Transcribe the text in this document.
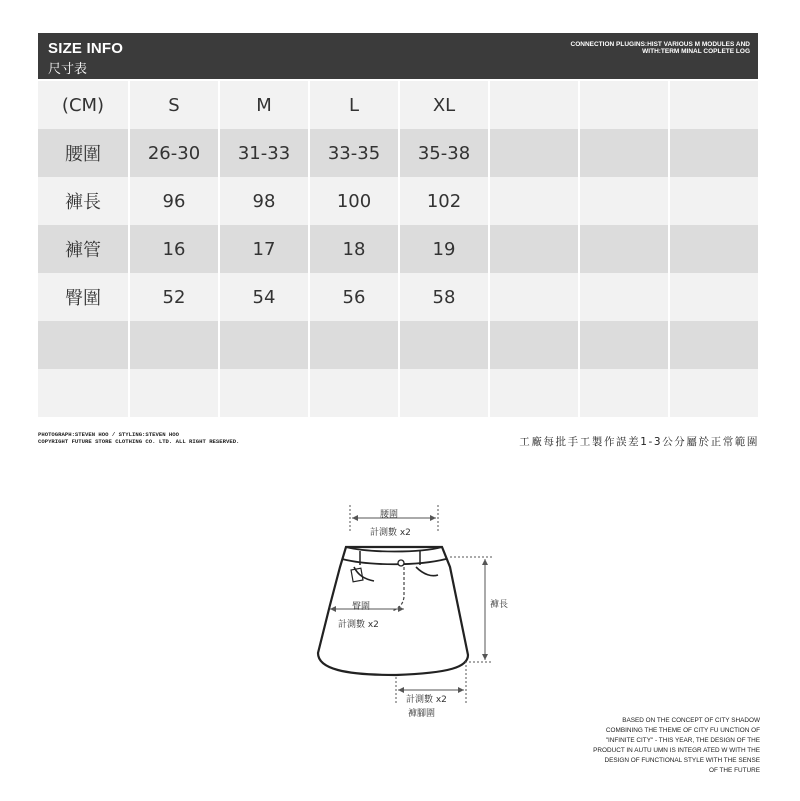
SIZE INFO
尺寸表
CONNECTION PLUGINS:HIST VARIOUS M MODULES AND
WITH:TERM MINAL COPLETE LOG
(CM)	S	M	L	XL
腰圍	26-30	31-33	33-35	35-38
褲長	96	98	100	102
褲管	16	17	18	19
臀圍	52	54	56	58
PHOTOGRAPH:STEVEN HOO / STYLING:STEVEN HOO
COPYRIGHT FUTURE STORE CLOTHING CO. LTD. ALL RIGHT RESERVED.	工廠每批手工製作誤差1-3公分屬於正常範圍
腰圍
計測數 x2
臀圍
計測數 x2
褲長
計測數 x2
褲腳圍
BASED ON THE CONCEPT OF CITY SHADOW
COMBINING THE THEME OF CITY FU UNCTION OF
"INFINITE CITY" - THIS YEAR, THE DESIGN OF THE
PRODUCT IN AUTU UMN IS INTEGR ATED W WITH THE
DESIGN OF FUNCTIONAL STYLE WITH THE SENSE
OF THE FUTURE
